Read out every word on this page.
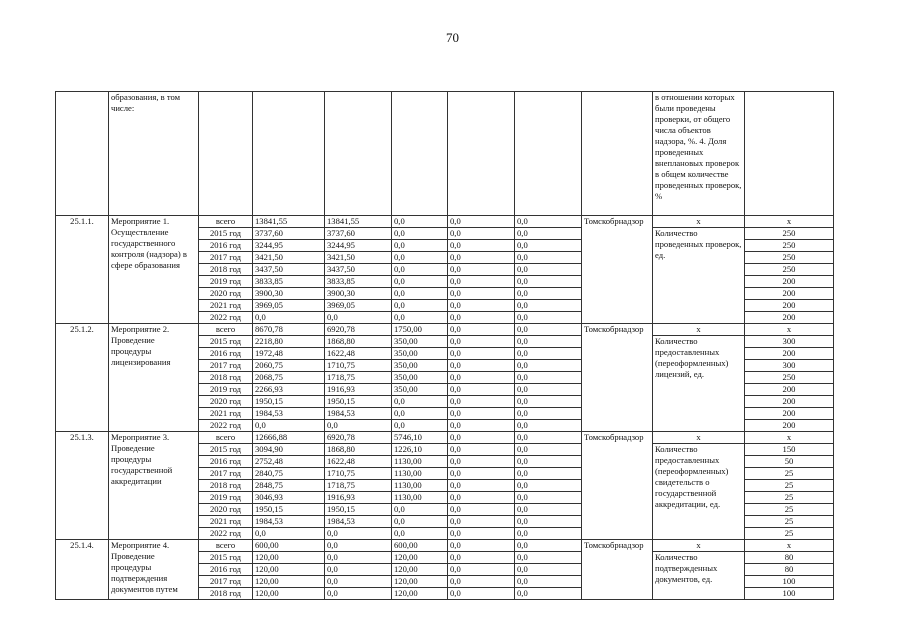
70
	образования, в том числе:								в отношении которых были проведены проверки, от общего числа объектов надзора, %. 4. Доля проведенных внеплановых проверок в общем количестве проведенных проверок, %	
25.1.1.	Мероприятие 1. Осуществление государственного контроля (надзора) в сфере образования	всего	13841,55	13841,55	0,0	0,0	0,0	Томскобрнадзор	x	x
		2015 год	3737,60	3737,60	0,0	0,0	0,0		Количество проведенных проверок, ед.	250
		2016 год	3244,95	3244,95	0,0	0,0	0,0			250
		2017 год	3421,50	3421,50	0,0	0,0	0,0			250
		2018 год	3437,50	3437,50	0,0	0,0	0,0			250
		2019 год	3833,85	3833,85	0,0	0,0	0,0			200
		2020 год	3900,30	3900,30	0,0	0,0	0,0			200
		2021 год	3969,05	3969,05	0,0	0,0	0,0			200
		2022 год	0,0	0,0	0,0	0,0	0,0			200
25.1.2.	Мероприятие 2. Проведение процедуры лицензирования	всего	8670,78	6920,78	1750,00	0,0	0,0	Томскобрнадзор	x	x
		2015 год	2218,80	1868,80	350,00	0,0	0,0		Количество предоставленных (переоформленных) лицензий, ед.	300
		2016 год	1972,48	1622,48	350,00	0,0	0,0			200
		2017 год	2060,75	1710,75	350,00	0,0	0,0			300
		2018 год	2068,75	1718,75	350,00	0,0	0,0			250
		2019 год	2266,93	1916,93	350,00	0,0	0,0			200
		2020 год	1950,15	1950,15	0,0	0,0	0,0			200
		2021 год	1984,53	1984,53	0,0	0,0	0,0			200
		2022 год	0,0	0,0	0,0	0,0	0,0			200
25.1.3.	Мероприятие 3. Проведение процедуры государственной аккредитации	всего	12666,88	6920,78	5746,10	0,0	0,0	Томскобрнадзор	x	x
		2015 год	3094,90	1868,80	1226,10	0,0	0,0		Количество предоставленных (переоформленных) свидетельств о государственной аккредитации, ед.	150
		2016 год	2752,48	1622,48	1130,00	0,0	0,0			50
		2017 год	2840,75	1710,75	1130,00	0,0	0,0			25
		2018 год	2848,75	1718,75	1130,00	0,0	0,0			25
		2019 год	3046,93	1916,93	1130,00	0,0	0,0			25
		2020 год	1950,15	1950,15	0,0	0,0	0,0			25
		2021 год	1984,53	1984,53	0,0	0,0	0,0			25
		2022 год	0,0	0,0	0,0	0,0	0,0			25
25.1.4.	Мероприятие 4. Проведение процедуры подтверждения документов путем	всего	600,00	0,0	600,00	0,0	0,0	Томскобрнадзор	x	x
		2015 год	120,00	0,0	120,00	0,0	0,0		Количество подтвержденных документов, ед.	80
		2016 год	120,00	0,0	120,00	0,0	0,0			80
		2017 год	120,00	0,0	120,00	0,0	0,0			100
		2018 год	120,00	0,0	120,00	0,0	0,0			100
